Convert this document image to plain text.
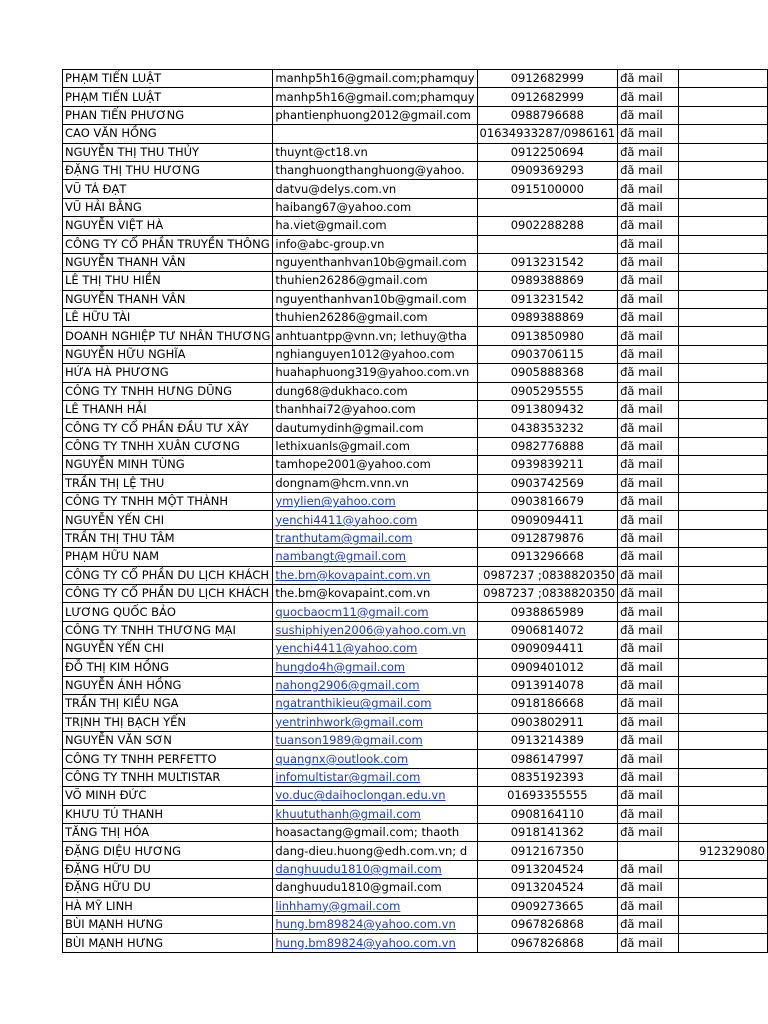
PHẠM TIẾN LUẬT	manhp5h16@gmail.com;phamquy	0912682999	đã mail	
PHẠM TIẾN LUẬT	manhp5h16@gmail.com;phamquy	0912682999	đã mail	
PHAN TIẾN PHƯƠNG	phantienphuong2012@gmail.com	0988796688	đã mail	
CAO VĂN HỒNG		01634933287/0986161	đã mail	
NGUYỄN THỊ THU THỦY	thuynt@ct18.vn	0912250694	đã mail	
ĐẶNG THỊ THU HƯƠNG	thanghuongthanghuong@yahoo.	0909369293	đã mail	
VŨ TÁ ĐẠT	datvu@delys.com.vn	0915100000	đã mail	
VŨ HẢI BẰNG	haibang67@yahoo.com		đã mail	
NGUYỄN VIỆT HÀ	ha.viet@gmail.com	0902288288	đã mail	
CÔNG TY CỔ PHẦN TRUYỀN THÔNG	info@abc-group.vn		đã mail	
NGUYỄN THANH VÂN	nguyenthanhvan10b@gmail.com	0913231542	đã mail	
LÊ THỊ THU HIỀN	thuhien26286@gmail.com	0989388869	đã mail	
NGUYỄN THANH VÂN	nguyenthanhvan10b@gmail.com	0913231542	đã mail	
LÊ HỮU TÀI	thuhien26286@gmail.com	0989388869	đã mail	
DOANH NGHIỆP TƯ NHÂN THƯƠNG	anhtuantpp@vnn.vn; lethuy@tha	0913850980	đã mail	
NGUYỄN HỮU NGHĨA	nghianguyen1012@yahoo.com	0903706115	đã mail	
HỨA HÀ PHƯƠNG	huahaphuong319@yahoo.com.vn	0905888368	đã mail	
CÔNG TY TNHH HƯNG DŨNG	dung68@dukhaco.com	0905295555	đã mail	
LÊ THANH HẢI	thanhhai72@yahoo.com	0913809432	đã mail	
CÔNG TY CỔ PHẦN ĐẦU TƯ XÂY	dautumydinh@gmail.com	0438353232	đã mail	
CÔNG TY TNHH XUÂN CƯƠNG	lethixuanls@gmail.com	0982776888	đã mail	
NGUYỄN MINH TÙNG	tamhope2001@yahoo.com	0939839211	đã mail	
TRẦN THỊ LỆ THU	dongnam@hcm.vnn.vn	0903742569	đã mail	
CÔNG TY TNHH MỘT THÀNH	ymylien@yahoo.com	0903816679	đã mail	
NGUYỄN YẾN CHI	yenchi4411@yahoo.com	0909094411	đã mail	
TRẦN THỊ THU TÂM	tranthutam@gmail.com	0912879876	đã mail	
PHẠM HỮU NAM	nambangt@gmail.com	0913296668	đã mail	
CÔNG TY CỔ PHẦN DU LỊCH KHÁCH	the.bm@kovapaint.com.vn	0838820350; 0987237	đã mail	
CÔNG TY CỔ PHẦN DU LỊCH KHÁCH	the.bm@kovapaint.com.vn	0838820350; 0987237	đã mail	
LƯƠNG QUỐC BẢO	quocbaocm11@gmail.com	0938865989	đã mail	
CÔNG TY TNHH THƯƠNG MẠI	sushiphiyen2006@yahoo.com.vn	0906814072	đã mail	
NGUYỄN YẾN CHI	yenchi4411@yahoo.com	0909094411	đã mail	
ĐỖ THỊ KIM HỒNG	hungdo4h@gmail.com	0909401012	đã mail	
NGUYỄN ÁNH HỒNG	nahong2906@gmail.com	0913914078	đã mail	
TRẦN THỊ KIỀU NGA	ngatranthikieu@gmail.com	0918186668	đã mail	
TRỊNH THỊ BẠCH YẾN	yentrinhwork@gmail.com	0903802911	đã mail	
NGUYỄN VĂN SƠN	tuanson1989@gmail.com	0913214389	đã mail	
CÔNG TY TNHH PERFETTO	quangnx@outlook.com	0986147997	đã mail	
CÔNG TY TNHH MULTISTAR	infomultistar@gmail.com	0835192393	đã mail	
VÕ MINH ĐỨC	vo.duc@daihoclongan.edu.vn	01693355555	đã mail	
KHƯU TÚ THANH	khuututhanh@gmail.com	0908164110	đã mail	
TĂNG THỊ HÓA	hoasactang@gmail.com; thaoth	0918141362	đã mail	
ĐẶNG DIỆU HƯƠNG	dang-dieu.huong@edh.com.vn; d	0912167350		912329080
ĐẶNG HỮU DU	danghuudu1810@gmail.com	0913204524	đã mail	
ĐẶNG HỮU DU	danghuudu1810@gmail.com	0913204524	đã mail	
HÀ MỸ LINH	linhhamy@gmail.com	0909273665	đã mail	
BÙI MẠNH HƯNG	hung.bm89824@yahoo.com.vn	0967826868	đã mail	
BÙI MẠNH HƯNG	hung.bm89824@yahoo.com.vn	0967826868	đã mail	
